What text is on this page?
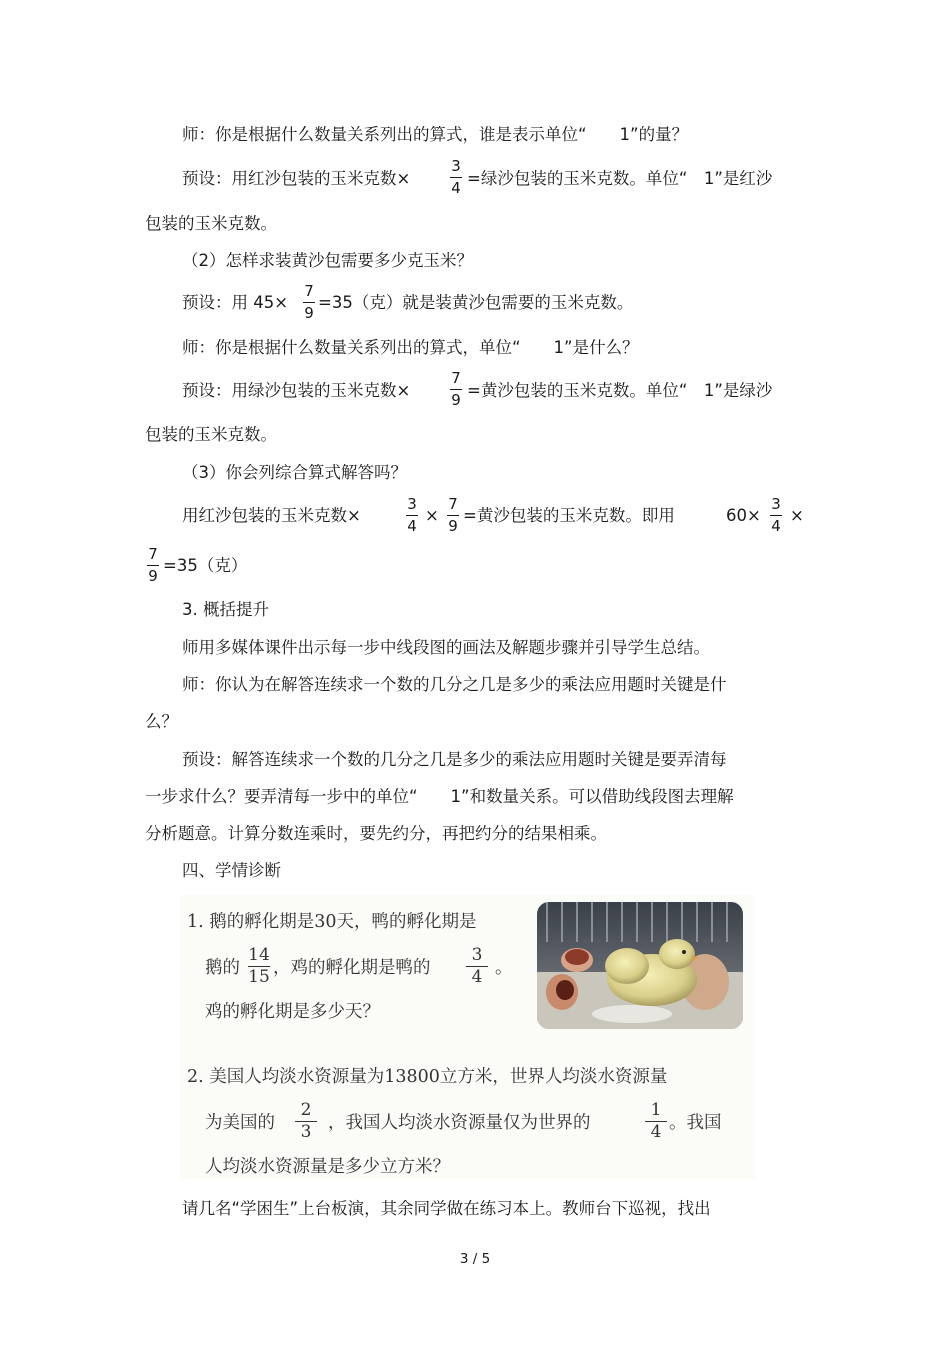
师：你是根据什么数量关系列出的算式，谁是表示单位“　　1”的量？
预设：用红沙包装的玉米克数×
3
4 =绿沙包装的玉米克数。单位“　1”是红沙
包装的玉米克数。
（2）怎样求装黄沙包需要多少克玉米？
预设：用 45×
7
9
=35（克）就是装黄沙包需要的玉米克数。
师：你是根据什么数量关系列出的算式，单位“　　1”是什么？
预设：用绿沙包装的玉米克数×
7
9 =黄沙包装的玉米克数。单位“　1”是绿沙
包装的玉米克数。
（3）你会列综合算式解答吗？
用红沙包装的玉米克数×
3
4
×
7
9
=黄沙包装的玉米克数。即用	60×
3
4
×
7
9
=35（克）
3. 概括提升
师用多媒体课件出示每一步中线段图的画法及解题步骤并引导学生总结。
师：你认为在解答连续求一个数的几分之几是多少的乘法应用题时关键是什
么？
预设：解答连续求一个数的几分之几是多少的乘法应用题时关键是要弄清每
一步求什么？要弄清每一步中的单位“　　1”和数量关系。可以借助线段图去理解
分析题意。计算分数连乘时，要先约分，再把约分的结果相乘。
四、学情诊断
1. 鹅的孵化期是30天，鸭的孵化期是
鹅的
14
15 ，鸡的孵化期是鸭的
3
4 。
鸡的孵化期是多少天？
2. 美国人均淡水资源量为13800立方米，世界人均淡水资源量
为美国的
2
3 ，我国人均淡水资源量仅为世界的
1
4 。我国
人均淡水资源量是多少立方米？
请几名“学困生”上台板演，其余同学做在练习本上。教师台下巡视，找出
3 / 5
